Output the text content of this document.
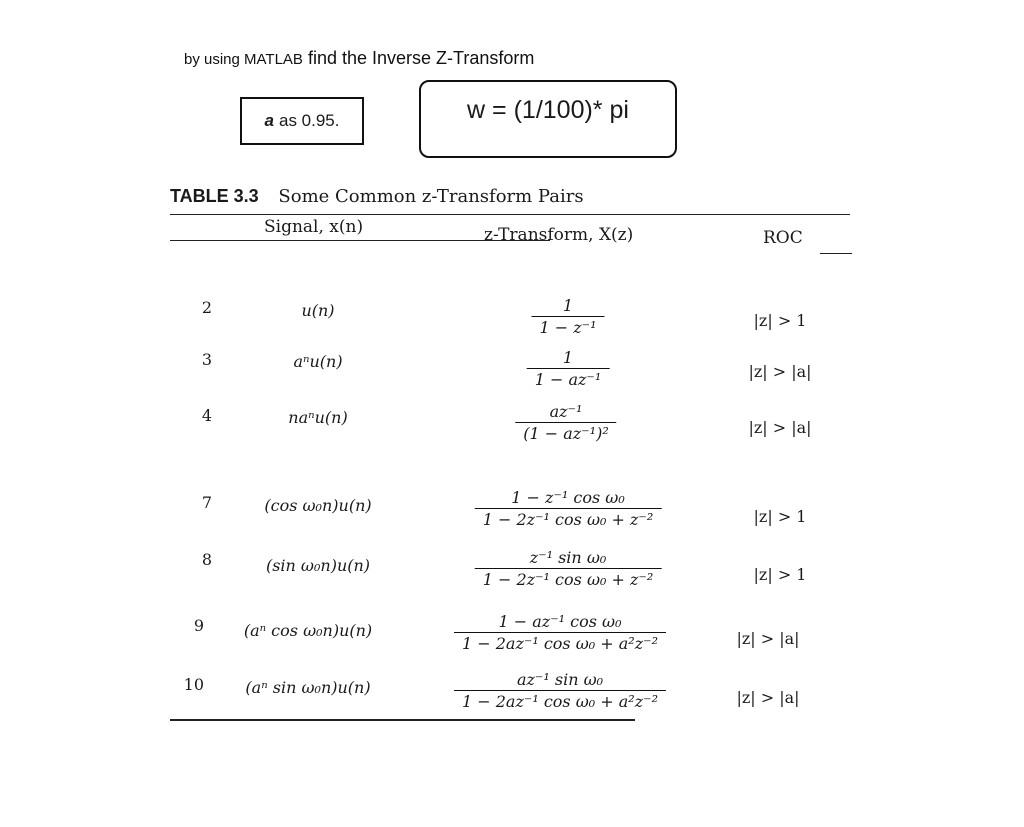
by using MATLAB find the Inverse Z-Transform
a as 0.95.	w = (1/100)* pi
TABLE 3.3 Some Common z-Transform Pairs
Signal, x(n)	z-Transform, X(z)	ROC
2	u(n)	$\frac{1}{\text{1 − z⁻¹}}$	|z| > 1
3	aⁿu(n)	$\frac{1}{\text{1 − az⁻¹}}$	|z| > |a|
4	naⁿu(n)	$\frac{\text{az⁻¹}}{\text{(1 − az⁻¹)²}}$	|z| > |a|
7	(cos ω₀n)u(n)	$\frac{\text{1 − z⁻¹ cos ω₀}}{\text{1 − 2z⁻¹ cos ω₀ + z⁻²}}$	|z| > 1
8	(sin ω₀n)u(n)	$\frac{\text{z⁻¹ sin ω₀}}{\text{1 − 2z⁻¹ cos ω₀ + z⁻²}}$	|z| > 1
9	(aⁿ cos ω₀n)u(n)	$\frac{\text{1 − az⁻¹ cos ω₀}}{\text{1 − 2az⁻¹ cos ω₀ + a²z⁻²}}$	|z| > |a|
10	(aⁿ sin ω₀n)u(n)	$\frac{\text{az⁻¹ sin ω₀}}{\text{1 − 2az⁻¹ cos ω₀ + a²z⁻²}}$	|z| > |a|
